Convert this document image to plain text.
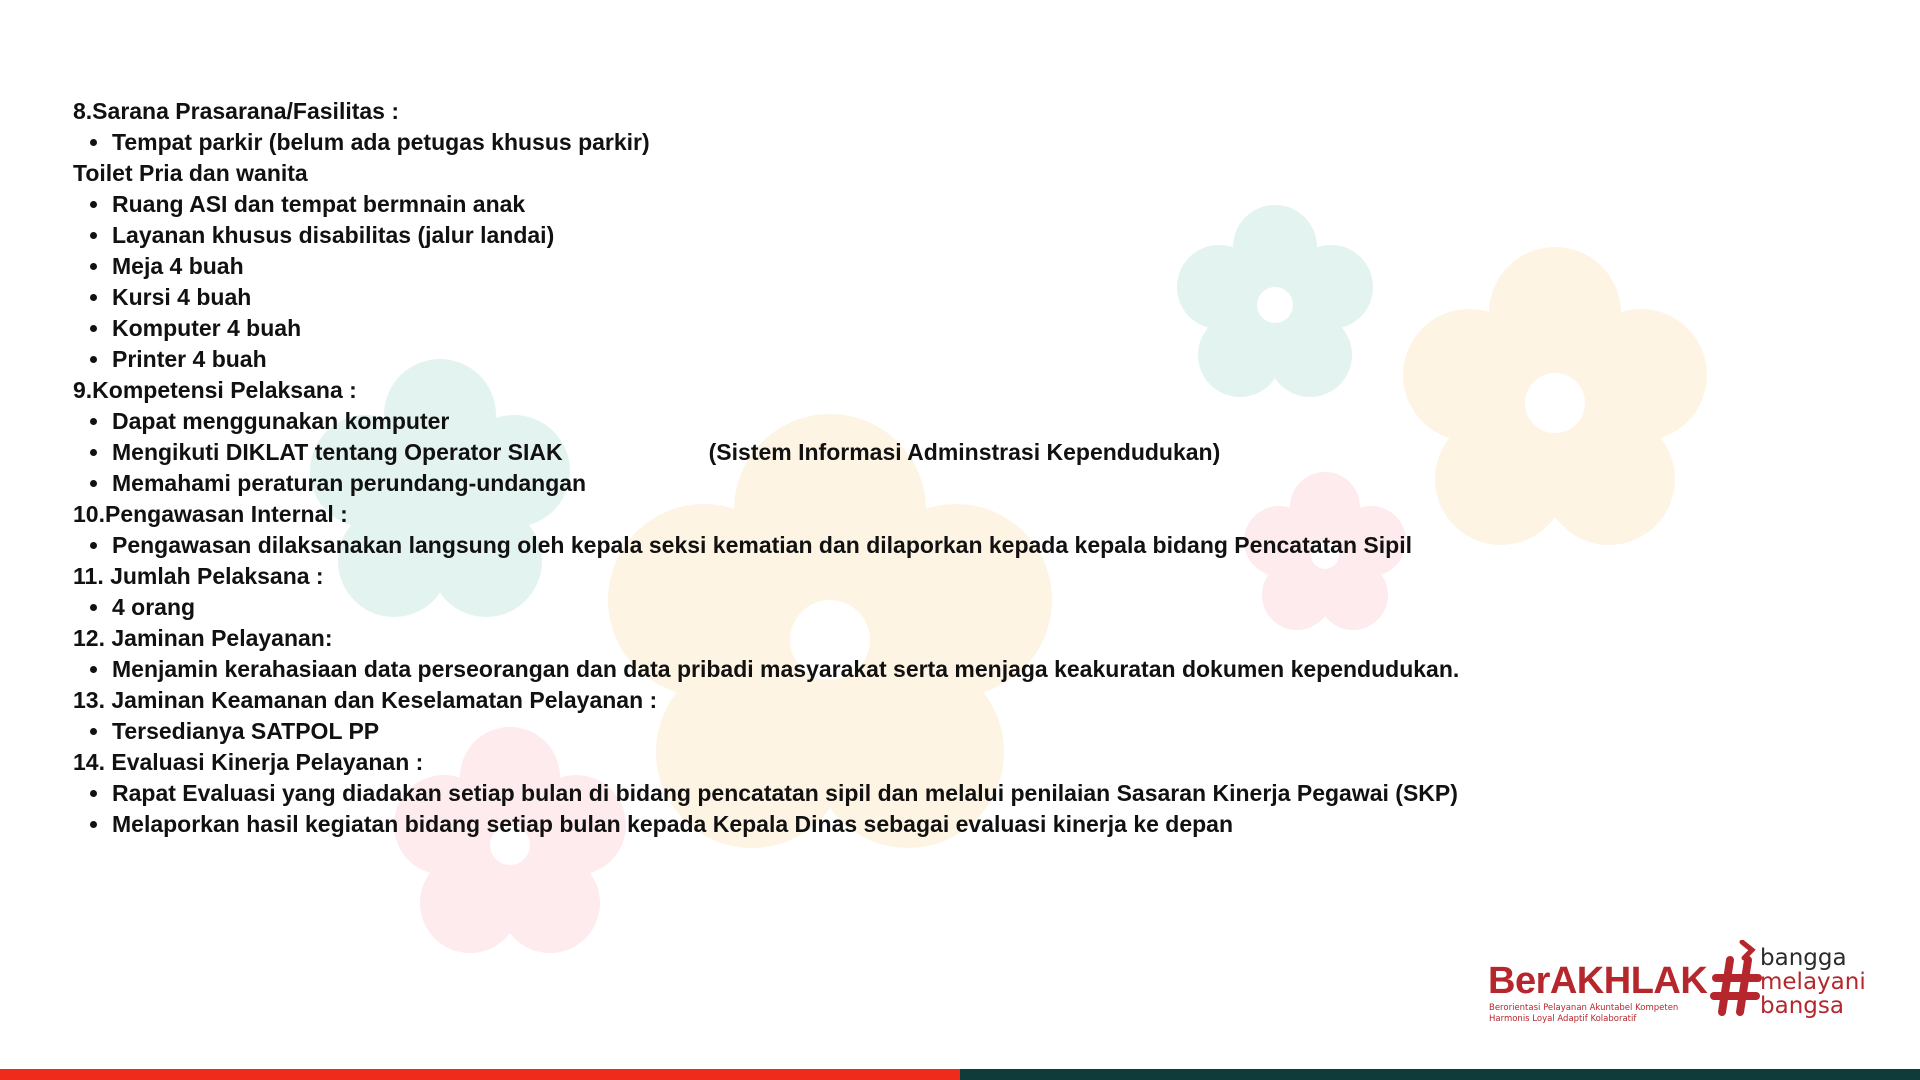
8.Sarana Prasarana/Fasilitas :

Tempat parkir (belum ada petugas khusus parkir)

Toilet Pria dan wanita

Ruang ASI dan tempat bermnain anak
Layanan khusus disabilitas (jalur landai)
Meja 4 buah
Kursi 4 buah
Komputer 4 buah
Printer 4 buah

9.Kompetensi Pelaksana :

Dapat menggunakan komputer
Mengikuti DIKLAT tentang Operator SIAK	(Sistem Informasi Adminstrasi Kependudukan)
Memahami peraturan perundang-undangan

10.Pengawasan Internal :

Pengawasan dilaksanakan langsung oleh kepala seksi kematian dan dilaporkan kepada kepala bidang Pencatatan Sipil

11. Jumlah Pelaksana :

4 orang

12. Jaminan Pelayanan:

Menjamin kerahasiaan data perseorangan dan data pribadi masyarakat serta menjaga keakuratan dokumen kependudukan.

13. Jaminan Keamanan dan Keselamatan Pelayanan :

Tersedianya SATPOL PP

14. Evaluasi Kinerja Pelayanan :

Rapat Evaluasi yang diadakan setiap bulan di bidang pencatatan sipil dan melalui penilaian Sasaran Kinerja Pegawai (SKP)
Melaporkan hasil kegiatan bidang setiap bulan kepada Kepala Dinas sebagai evaluasi kinerja ke depan
BerAKHLAK
Berorientasi Pelayanan Akuntabel Kompeten Harmonis Loyal Adaptif Kolaboratif
bangga
melayani
bangsa
